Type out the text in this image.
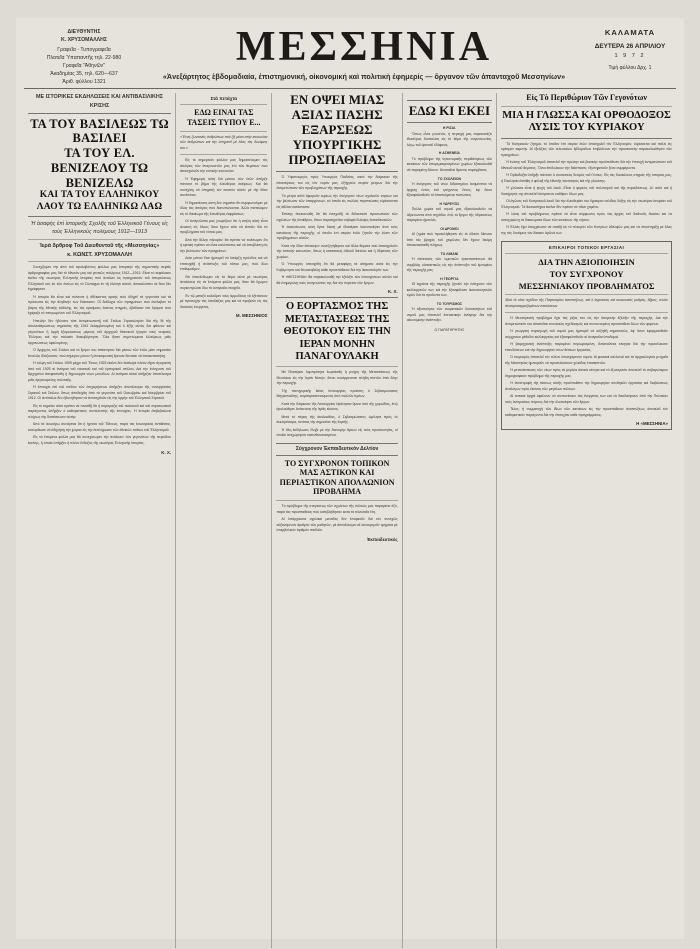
ΔΙΕΥΘΥΝΤΗΣ
Κ. ΧΡΥΣΟΜΑΛΛΗΣ
Γραφεῖα - Τυπογραφεῖα
Πλατεῖα Ὑπαπαντῆς τηλ. 22-980
Γραφεῖα "Ἀθηνῶν"
Ἀκαδημίας 35, τηλ. 620—637
Ἀριθ. φύλλου 1321
ΜΕΣΣΗΝΙΑ
«Ἀνεξάρτητος ἑβδομαδιαία, ἐπιστημονική, οἰκονομική καὶ πολιτικὴ ἐφημερίς — ὄργανον τῶν ἁπανταχοῦ Μεσσηνίων»
ΚΑΛΑΜΑΤΑ
ΔΕΥΤΕΡΑ 26 ΑΠΡΙΛΙΟΥ
1 9 7 2
Τιμὴ φύλλου Δρχ. 1
ΜΕ ΙΣΤΟΡΙΚΕΣ ΕΚΔΗΛΩΣΕΙΣ ΚΑΙ ΑΝΤΙΒΑΣΙΛΙΚΗΣ ΚΡΙΣΗΣ
ΤΑ ΤΟΥ ΒΑΣΙΛΕΩΣ ΤΩ ΒΑΣΙΛΕΙ
ΤΑ ΤΟΥ ΕΛ. ΒΕΝΙΖΕΛΟΥ ΤΩ ΒΕΝΙΖΕΛΩ
ΚΑΙ ΤΑ ΤΟΥ ΕΛΛΗΝΙΚΟΥ ΛΑΟΥ ΤΩ ΕΛΛΗΝΙΚΩ ΛΑΩ
Ἡ ἀσαφὴς ἐπὶ ἱστορικῆς Σχολῆς τοῦ Ἑλληνικοῦ Γένους εἰς τοὺς Ἑλληνικοὺς πολέμους 1912—1913
Ἱερὰ δρθροφ Τοῦ Διευθυντοῦ τῆς «Μεσσηνίας»
κ. ΚΩΝΣΤ. ΧΡΥΣΟΜΑΛΛΗ
Συνεχίζομεν τὴν ἀπὸ τοῦ προλαβόντος φύλλου μας ἱστορικὴν τῆς σημαντικῆς σειρᾶς ἀρθρογραφίας μας διὰ τὸ ἐθνικὸν μας καὶ γενικῶς πολέμους 1912—1913. Εἶναι τὸ κεφάλαιον ἐκεῖνο τῆς νεωτέρας Ἑλληνικῆς ἱστορίας ποὺ ἀναλύει ὡς πραγματικὸν τοῦ ἀπογεύσεως Ἑλληνικοῦ καί, ἐκ τῶν ἀντίων εἰς τὸ Σύνταγμα ἐν τῇ ὁλότητι αὐτοῦ, ἀποκαλύπτει τὰ ὅσα δὲν ἐγράφησαν.
Ἡ ἱστορία θὰ εἶναι καὶ πάντοτε ἡ ἀδέκαστος κριτὴς ποὺ ὁδηγεῖ τὰ γεγονότα καὶ τὰ πρόσωπα εἰς τὴν ἀληθινήν των διάστασιν. Οἱ διάδοχοι τῶν πραγμάτων ποὺ ἀνέλαβαν τὸ βάρος τῆς ἐθνικῆς εὐθύνης, εἰς τὰς κρισίμους ἐκείνας στιγμάς, ἐβάδισαν τὸν δρόμον ποὺ ἐχάραξε τὸ πεπρωμένον τοῦ Ἑλληνισμοῦ.
Ἡπειλὴν δὲν ἠδύνατο τότε ἀντιμετωπιστῇ τοῦ Στόλου Στρατολογίαν διὰ τῆς δὲ τῆς ἀπελευθερώσεως σημασίας τῆς 1941 ἐκλαμβανομένη καὶ ὁ ἐξῆς αὐτὸς διὰ φθόνον καὶ γεγονότων ἡ ὁρμὴ ἐξομοιώσεως μέρους τοῦ ἀρχηγοῦ Ναυτικοῦ ἤγαγεν τοὺς νεαρούς Ἕλληνας καὶ τὴν παλαιὰν διακυβέρνησιν. Ὅλα ἦσαν συμπτώματα ἐλλείψεως μιᾶς ὀργανώσεως ὀφειλομένης.
Ὁ Ἀρχηγὸς τοῦ Στόλου καὶ τὸ ἔργον του ἀπέκτησαν διὰ μέσου τῶν ἐτῶν μίαν σημασίαν ἐντελῶς ἰδιάζουσαν, ποὺ σήμερον μόνον ἡ ἀντικειμενικὴ ἔρευνα δύναται νὰ ἀποκαταστήσῃ.
Ἡ τόλμη τοῦ Στόλου 1909 μέχρι τοῦ Ἔτους 1925 ἐκεῖνο δὲν ἐκάλυψε πλέον εἴχαν ἀγοραστὴ ἀπὸ τοῦ 1925 αἱ ἀνάγκαι τοῦ ναυτικοῦ καὶ τοῦ ἐμπορικοῦ στόλου. Διὰ τὴν ἐνίσχυσιν τοῦ Ἀρχηγείου ἀπεφασίσθη ἡ δημιουργία νέων μονάδων. Αἱ ἀνάγκαι αὐταὶ ὑπῆρξαν ἀποτέλεσμα μιᾶς ὀργανωμένης πολιτικῆς.
Ἡ ἐπιτυχία ἐπὶ τοῦ πεδίου τῶν ἐπιχειρήσεων ὑπῆρξεν ἀποτέλεσμα τῆς συνεργασίας Στρατοῦ καὶ Στόλου, ὅπως ἀπεδείχθη ἀπὸ τὰ γεγονότα τοῦ Ὀκτωβρίου καὶ Νοεμβρίου τοῦ 1912. Οἱ ἀντίπαλοι δὲν ἠδυνήθησαν νὰ ἀντιταχθοῦν εἰς τὴν ὁρμὴν τοῦ Ἑλληνικοῦ Στρατοῦ.
Εἰς τὸ σημεῖον αὐτὸ πρέπει νὰ τονισθῇ ὅτι ἡ σύμπραξις τοῦ πολιτικοῦ καὶ τοῦ στρατιωτικοῦ παράγοντος ὑπῆρξεν ὁ καθοριστικὸς συντελεστὴς τῆς ἐπιτυχίας. Ἡ ἱστορία ἐπιβεβαιώνει πλήρως τὴν διαπίστωσιν αὐτήν.
Ἀπὸ τὰ ἀνωτέρω συνάγεται ὅτι ἡ ἡγεσία τοῦ Ἔθνους, παρὰ τὰς ἐσωτερικὰς ἀντιθέσεις, κατώρθωσε νὰ ὁδηγήσῃ τὴν χώραν εἰς τὴν ἐκπλήρωσιν τῶν ἐθνικῶν πόθων τοῦ Ἑλληνισμοῦ.
Εἰς τὰ ἑπόμενα φύλλα μας θὰ συνεχίσωμεν τὴν ἀνάλυσιν τῶν γεγονότων τῆς περιόδου ἐκείνης, ἡ ὁποία ὑπῆρξεν ἡ πλέον ἔνδοξος τῆς νεωτέρας Ἑλληνικῆς ἱστορίας.
Κ. Χ.
Στὰ πετάχτα
ΕΔΩ ΕΙΝΑΙ ΤΑΣ ΤΑΣΕΙΣ ΤΥΠΟΥ Ε...
«Ἕνας ζωντανὸς ἀνθρώπων ποὺ ζῇ μέσα στὴν κοινωνίαν τῶν ἀνθρώπων καὶ τὴν ὑπηρετεῖ μὲ ὅλας τὰς δυνάμεις του.»
Εἰς τὸ σημερινὸν φύλλον μας δημοσιεύομεν τὰς ἀπόψεις τῶν ἀναγνωστῶν μας ἐπὶ τῶν θεμάτων ποὺ ἀπασχολοῦν τὴν τοπικὴν κοινωνίαν.
Ἡ Ἐφημερὶς αὐτὴ διὰ μέσου τῶν ἐτῶν ὑπῆρξε πάντοτε τὸ βῆμα τῆς ἐλευθέρας σκέψεως. Καὶ θὰ συνεχίσῃ νὰ ὑπηρετῇ τὸν σκοπὸν αὐτὸν μὲ τὴν ἰδίαν συνέπειαν.
Ἡ δημοσίευσις αὐτὴ δὲν σημαίνει ὅτι συμφωνοῦμεν μὲ ὅλας τὰς ἀπόψεις ποὺ διατυπώνονται. Ἀλλὰ πιστεύομεν εἰς τὸ δικαίωμα τῆς ἐλευθέρας ἐκφράσεως.
Οἱ ἀναγνῶσται μας γνωρίζουν ὅτι ἡ στήλη αὐτὴ εἶναι ἀνοικτὴ εἰς ὅλους ὅσοι ἔχουν κάτι νὰ εἰποῦν διὰ τὰ προβλήματα τοῦ τόπου μας.
Ἀπὸ τὴν ἄλλην πλευράν, θὰ πρέπει νὰ τονίσωμεν ὅτι ἡ κριτικὴ πρέπει νὰ εἶναι καλόπιστος καὶ νὰ ἀποβλέπῃ εἰς τὴν βελτίωσιν τῶν πραγμάτων.
Διότι μόνον ἔτσι ἠμπορεῖ νὰ ὑπάρξῃ πρόοδος καὶ νὰ ἐπιτευχθῇ ἡ ἀνάπτυξις τοῦ τόπου μας, ποὺ ὅλοι ἐπιθυμοῦμεν.
Θὰ ἐπανέλθωμεν εἰς τὸ θέμα αὐτὸ μὲ νεωτέρας ἀναλύσεις εἰς τὰ ἑπόμενα φύλλα μας, ὅταν θὰ ἔχωμεν συγκεντρώσει ὅλα τὰ ἀναγκαῖα στοιχεῖα.
Ἐν τῷ μεταξὺ καλοῦμεν τοὺς ἁρμοδίους νὰ ἐξετάσουν μὲ προσοχὴν τὰς ὑποδείξεις μας καὶ νὰ προβοῦν εἰς τὰς δεούσας ἐνεργείας.
Μ. ΜΕΣΣΗΝΙΟΣ
ΕΝ ΟΨΕΙ ΜΙΑΣ ΑΞΙΑΣ ΠΑΣΗΣ
ΕΞΑΡΣΕΩΣ ΥΠΟΥΡΓΙΚΗΣ ΠΡΟΣΠΑΘΕΙΑΣ
Ὁ Ὑφυπουργὸς πρὸς Ὑπουργὸς Παιδείας, κατὰ τὴν διάρκειαν τῆς ἐπισκέψεώς του εἰς τὸν νομόν μας, ἐξήγγειλε σειρὰν μέτρων διὰ τὴν ἀντιμετώπισιν τῶν προβλημάτων τῆς περιοχῆς.
Τὰ μέτρα αὐτὰ ἀφοροῦν κυρίως τὴν ἀνέγερσιν νέων σχολικῶν κτιρίων καὶ τὴν βελτίωσιν τῶν ὑπαρχόντων, τὰ ὁποῖα εἰς πολλὰς περιπτώσεις εὑρίσκονται εἰς ἀθλίαν κατάστασιν.
Ἐπίσης ἀνεκοινώθη ὅτι θὰ ἐνισχυθῇ τὸ διδακτικὸν προσωπικὸν τῶν σχολείων τῆς ὑπαίθρου, ὅπου παρατηρεῖται σοβαρὰ ἔλλειψις ἐκπαιδευτικῶν.
Ἡ ἀνακοίνωσις αὐτὴ ἔγινε δεκτὴ μὲ ἰδιαιτέραν ἱκανοποίησιν ἀπὸ τοὺς κατοίκους τῆς περιοχῆς, οἱ ὁποῖοι ἐπὶ σειρὰν ἐτῶν ζητοῦν τὴν λύσιν τῶν προβλημάτων αὐτῶν.
Κατὰ τὴν ἰδίαν ἐπίσκεψιν συνεζητήθησαν καὶ ἄλλα θέματα ποὺ ἀπασχολοῦν τὴν τοπικὴν κοινωνίαν, ὅπως ἡ κατασκευὴ ὁδικοῦ δικτύου καὶ ἡ ὕδρευσις τῶν χωρίων.
Ὁ Ὑπουργὸς ὑπεσχέθη ὅτι θὰ μεταφέρῃ τὰ αἰτήματα αὐτὰ εἰς τὴν Κυβέρνησιν καὶ θὰ καταβάλῃ κάθε προσπάθειαν διὰ τὴν ἱκανοποίησίν των.
Ἡ «ΜΕΣΣΗΝΙΑ» θὰ παρακολουθῇ τὴν ἐξέλιξιν τῶν ὑποσχέσεων αὐτῶν καὶ θὰ ἐνημερώνῃ τοὺς ἀναγνώστας της διὰ τὴν πορείαν τῶν ἔργων.
Κ. Χ.
Ο ΕΟΡΤΑΣΜΟΣ ΤΗΣ ΜΕΤΑΣΤΑΣΕΩΣ ΤΗΣ ΘΕΟΤΟΚΟΥ ΕΙΣ ΤΗΝ ΙΕΡΑΝ ΜΟΝΗΝ ΠΑΝΑΓΟΥΛΑΚΗ
Μὲ ἰδιαιτέραν λαμπρότητα ἑωρτάσθη ἡ μνήμη τῆς Μεταστάσεως τῆς Θεοτόκου εἰς τὴν Ἱερὰν Μονήν, ὅπου συνέρρευσαν πλήθη πιστῶν ἀπὸ ὅλην τὴν περιοχήν.
Τῆς πανηγυρικῆς θείας Λειτουργίας προέστη ὁ Σεβασμιώτατος Μητροπολίτης, συμπαραστατούμενος ὑπὸ πολλῶν ἱερέων.
Κατὰ τὴν διάρκειαν τῆς Λειτουργίας ἐψάλησαν ὕμνοι ὑπὸ τῆς χορωδίας, ἐνῷ ἠκολούθησε λιτάνευσις τῆς ἱερᾶς εἰκόνος.
Μετὰ τὸ πέρας τῆς ἀκολουθίας, ὁ Σεβασμιώτατος ὡμίλησε πρὸς τὸ ἐκκλησίασμα, τονίσας τὴν σημασίαν τῆς ἑορτῆς.
Ἡ ὅλη ἐκδήλωσις ἔληξε μὲ τὴν διανομὴν ἄρτων εἰς τοὺς προσκυνητάς, οἱ ὁποῖοι ἀνεχώρησαν κατενθουσιασμένοι.
Σύγχρονον Ἐκπαιδευτικὸν Δελτίον
ΤΟ ΣΥΓΧΡΟΝΟΝ ΤΟΠΙΚΟΝ ΜΑΣ ΑΣΤΙΚΟΝ ΚΑΙ ΠΕΡΙΑΣΤΙΚΟΝ ΑΠΟΛΛΩΝΙΟΝ ΠΡΟΒΛΗΜΑ
Τὸ πρόβλημα τῆς στεγάσεως τῶν σχολείων τῆς πόλεώς μας παραμένει ὀξύ, παρὰ τὰς προσπαθείας ποὺ κατεβλήθησαν κατὰ τὰ τελευταῖα ἔτη.
Αἱ ὑπάρχουσαι σχολικαὶ μονάδες δὲν ἐπαρκοῦν διὰ τὸν συνεχῶς αὐξανόμενον ἀριθμὸν τῶν μαθητῶν, μὲ ἀποτέλεσμα νὰ λειτουργοῦν τμήματα μὲ ὑπερβολικὸν ἀριθμὸν παιδιῶν.
Ἐκπαιδευτικός
ΕΔΩ ΚΙ ΕΚΕΙ
Η ΡΙΖΑΙ.
Ὅπως εἶναι γνωστόν, ἡ περιοχή μας παρουσιάζει ἰδιαιτέρας δυσκολίας εἰς τὸ θέμα τῆς συγκοινωνίας, λόγῳ τοῦ ὀρεινοῦ ἐδάφους.
Η ΑΣΘΕΝΕΙΑ
Τὸ πρόβλημα τῆς ὑγειονομικῆς περιθάλψεως τῶν κατοίκων τῶν ἀπομεμακρυσμένων χωρίων ἐξακολουθεῖ νὰ παραμένῃ ἄλυτον. Ἀπαιτεῖται ἄμεσος παρέμβασις.
ΤΟ ΣΧΟΛΕΙΟΝ
Ἡ ἀνέγερσις τοῦ νέου διδακτηρίου ἀναμένεται νὰ ἀρχίσῃ ἐντὸς τοῦ τρέχοντος ἔτους, ἐφ' ὅσον ἐξασφαλισθοῦν αἱ ἀπαιτούμεναι πιστώσεις.
Η ΥΔΡΕΥΣΙΣ
Πολλὰ χωρία τοῦ νομοῦ μας ἐξακολουθοῦν νὰ ὑδρεύωνται ἀπὸ πηγάδια, ἐνῷ τὸ ἔργον τῆς ὑδρεύσεως παραμένει ἡμιτελές.
ΟΙ ΔΡΟΜΟΙ
Αἱ ζημίαι ποὺ προεκλήθησαν εἰς τὸ ὁδικὸν δίκτυον ἀπὸ τὰς βροχὰς τοῦ χειμῶνος δὲν ἔχουν ἀκόμη ἀποκατασταθῆ πλήρως.
ΤΟ ΛΙΜΑΝΙ
Ἡ ἐπέκτασις τῶν λιμενικῶν ἐγκαταστάσεων θὰ συμβάλῃ οὐσιαστικῶς εἰς τὴν ἀνάπτυξιν τοῦ ἐμπορίου τῆς περιοχῆς μας.
Η ΓΕΩΡΓΙΑ
Οἱ ἀγρόται τῆς περιοχῆς ζητοῦν τὴν ἐνίσχυσιν τῶν καλλιεργειῶν των καὶ τὴν ἐξασφάλισιν ἱκανοποιητικῶν τιμῶν διὰ τὰ προϊόντα των.
ΤΟ ΤΟΥΡΙΣΜΟΣ
Ἡ ἀξιοποίησις τῶν τουριστικῶν δυνατοτήτων τοῦ νομοῦ μας ἀποτελεῖ ἐπιτακτικὴν ἀνάγκην διὰ τὴν οἰκονομικὴν ἀνάπτυξιν.
Ο ΠΑΡΑΤΗΡΗΤΗΣ
Εἰς Τὸ Περιθώριον Τῶν Γεγονότων
ΜΙΑ Η ΓΛΩΣΣΑ ΚΑΙ ΟΡΘΟΔΟΞΟΣ
ΛΥΣΙΣ ΤΟΥ ΚΥΡΙΑΚΟΥ
Τὸ Κυπριακὸν ζήτημα, τὸ ὁποῖον ἐπὶ σειρὰν ἐτῶν ἀπασχολεῖ τὸν Ἑλληνισμὸν, εὑρίσκεται καὶ πάλιν εἰς κρίσιμον καμπήν. Αἱ ἐξελίξεις τῶν τελευταίων ἑβδομάδων ἐπιβάλλουν τὴν προσεκτικὴν παρακολούθησιν τῶν πραγμάτων.
Ἡ ἑνότης τοῦ Ἑλληνισμοῦ ἀποτελεῖ τὴν πρώτην καὶ βασικὴν προϋπόθεσιν διὰ τὴν ἐπιτυχῆ ἀντιμετώπισιν τοῦ ἐθνικοῦ αὐτοῦ θέματος. Ὅσοι ἐπιδιώκουν τὴν διάσπασιν, ἐξυπηρετοῦν ξένα συμφέροντα.
Ἡ Ὀρθοδοξία ὑπῆρξε πάντοτε ὁ συνεκτικὸς δεσμὸς τοῦ Γένους. Εἰς τὰς δυσκόλους στιγμὰς τῆς ἱστορίας μας, ἡ Ἐκκλησία ἐστάθη ὁ φύλαξ τῆς ἐθνικῆς ταυτότητος καὶ τῆς γλώσσης.
Ἡ γλῶσσα εἶναι ἡ ψυχὴ τοῦ λαοῦ. Εἶναι ὁ φορεὺς τοῦ πολιτισμοῦ καὶ τῆς παραδόσεως. Δι' αὐτὸ καὶ ἡ διατήρησίς της ἀποτελεῖ ὑπέρτατον καθῆκον ὅλων μας.
Οἱ ἀγῶνες τοῦ Κυπριακοῦ λαοῦ διὰ τὴν ἐλευθερίαν του ἔγραψαν σελίδας δόξης εἰς τὴν νεωτέραν ἱστορίαν τοῦ Ἑλληνισμοῦ. Τὰ θυσιαστήρια ἐκεῖνα δὲν πρέπει νὰ πᾶνε χαμένα.
Ἡ λύσις τοῦ προβλήματος πρέπει νὰ εἶναι σύμφωνος πρὸς τὰς ἀρχὰς τοῦ διεθνοῦς δικαίου καὶ νὰ κατοχυρώνῃ τὰ δικαιώματα ὅλων τῶν κατοίκων τῆς νήσου.
Ἡ Ἑλλὰς ἔχει ὑποχρέωσιν νὰ σταθῇ εἰς τὸ πλευρὸν τῶν Κυπρίων ἀδελφῶν μας καὶ νὰ ὑποστηρίξῃ μὲ ὅλας της τὰς δυνάμεις τὸν δίκαιον ἀγῶνά των.
ΕΠΙΚΑΙΡΟΙ ΤΟΠΙΚΟΙ ΕΡΓΑΣΙΑΙ
ΔΙΑ ΤΗΝ ΑΞΙΟΠΟΙΗΣΙΝ
ΤΟΥ ΣΥΓΧΡΟΝΟΥ
ΜΕΣΣΗΝΙΑΚΟΥ ΠΡΟΒΛΗΜΑΤΟΣ
Ἰδοὺ τὸ νέον σχέδιον τῆς Παγκοσμίου ἀναπτύξεως, καὶ ὁ ἀγροτικὸς καὶ κοινωνικὸς ρυθμὸς, δῆμος, τελῶν ἀναπροσαρμοζομένων πιστώσεων.
Ἡ Μεσσηνιακὴ πρόβλημα ἔχει τὰς ρίζας του εἰς τὴν ἱστορικὴν ἐξέλιξιν τῆς περιοχῆς. Διὰ τὴν ἀντιμετώπισίν του ἀπαιτεῖται συνολικὸς σχεδιασμὸς καὶ συντονισμένη προσπάθεια ὅλων τῶν φορέων.
Ἡ γεωργικὴ παραγωγὴ τοῦ νομοῦ μας ἠμπορεῖ νὰ αὐξηθῇ σημαντικῶς, ἐφ' ὅσον ἐφαρμοσθοῦν σύγχρονοι μέθοδοι καλλιεργείας καὶ ἐξασφαλισθοῦν αἱ ἀναγκαῖαι ὑποδομαί.
Ἡ βιομηχανικὴ ἀνάπτυξις παραμένει περιωρισμένη. Ἀπαιτοῦνται κίνητρα διὰ τὴν προσέλκυσιν ἐπενδύσεων καὶ τὴν δημιουργίαν νέων θέσεων ἐργασίας.
Ὁ τουρισμὸς ἀποτελεῖ τὸν πλέον ὑποσχόμενον τομέα. Αἱ φυσικαὶ καλλοναὶ καὶ τὰ ἀρχαιολογικὰ μνημεῖα τῆς Μεσσηνίας ἠμποροῦν νὰ προσελκύσουν χιλιάδας ἐπισκεπτῶν.
Ἡ μετανάστευσις τῶν νέων πρὸς τὰ μεγάλα ἀστικὰ κέντρα καὶ τὸ ἐξωτερικὸν ἀποτελεῖ τὸ σοβαρώτερον δημογραφικὸν πρόβλημα τῆς περιοχῆς μας.
Ἡ ἀντιστροφὴ τῆς τάσεως αὐτῆς προϋποθέτει τὴν δημιουργίαν συνθηκῶν ἐργασίας καὶ διαβιώσεως ἀναλόγων πρὸς ἐκείνας τῶν μεγάλων πόλεων.
Αἱ τοπικαὶ ἀρχαὶ ὀφείλουν νὰ συντονίσουν τὰς ἐνεργείας των καὶ νὰ διεκδικήσουν ἀπὸ τὴν Πολιτείαν τοὺς ἀναγκαίους πόρους διὰ τὴν ὑλοποίησιν τῶν ἔργων.
Τέλος, ἡ συμμετοχὴ τῶν ἰδίων τῶν κατοίκων εἰς τὴν προσπάθειαν ἀναπτύξεως ἀποτελεῖ τὸν καθοριστικὸν παράγοντα διὰ τὴν ἐπιτυχίαν κάθε προγράμματος.
Η «ΜΕΣΣΗΝΙΑ»
